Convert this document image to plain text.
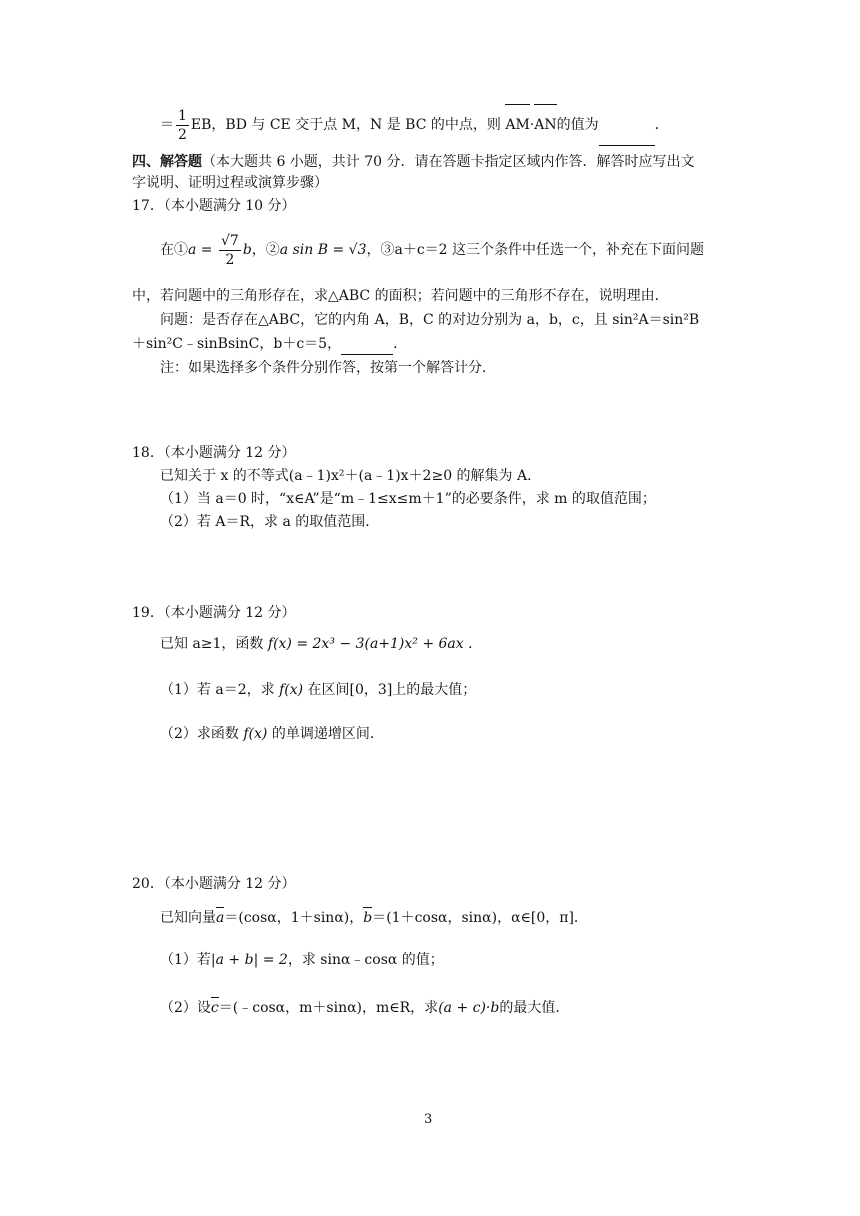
＝ $\frac{1}{2}$ EB，BD 与 CE 交于点 M，N 是 BC 的中点，则 AM·
AN的值为	．
四、解答题（本大题共 6 小题，共计 70 分．请在答题卡指定区域内作答．解答时应写出文
字说明、证明过程或演算步骤）
17．（本小题满分 10 分）
在①a = $\frac{√7}{2}$ b，②a sin B = √3，③a＋c＝2 这三个条件中任选一个，补充在下面问题
中，若问题中的三角形存在，求△ABC 的面积；若问题中的三角形不存在，说明理由．
问题：是否存在△ABC，它的内角 A，B，C 的对边分别为 a，b，c，且 sin²A＝sin²B
＋sin²C﹣sinBsinC，b＋c＝5，	．
注：如果选择多个条件分别作答，按第一个解答计分．
18．（本小题满分 12 分）
已知关于 x 的不等式(a﹣1)x²＋(a﹣1)x＋2≥0 的解集为 A．
（1）当 a＝0 时，“x∈A”是“m﹣1≤x≤m＋1”的必要条件，求 m 的取值范围；
（2）若 A＝R，求 a 的取值范围．
19．（本小题满分 12 分）
已知 a≥1，函数 f(x) = 2x³ − 3(a+1)x² + 6ax ．
（1）若 a＝2，求 f(x) 在区间[0，3]上的最大值；
（2）求函数 f(x) 的单调递增区间．
20．（本小题满分 12 分）
已知向量
a＝(cosα，1＋sinα)，
b＝(1＋cosα，sinα)，α∈[0，π]．
（1）若|a + b| = 2，求 sinα﹣cosα 的值；
（2）设
c＝(﹣cosα，m＋sinα)，m∈R，求(a + c)·b的最大值．
3
